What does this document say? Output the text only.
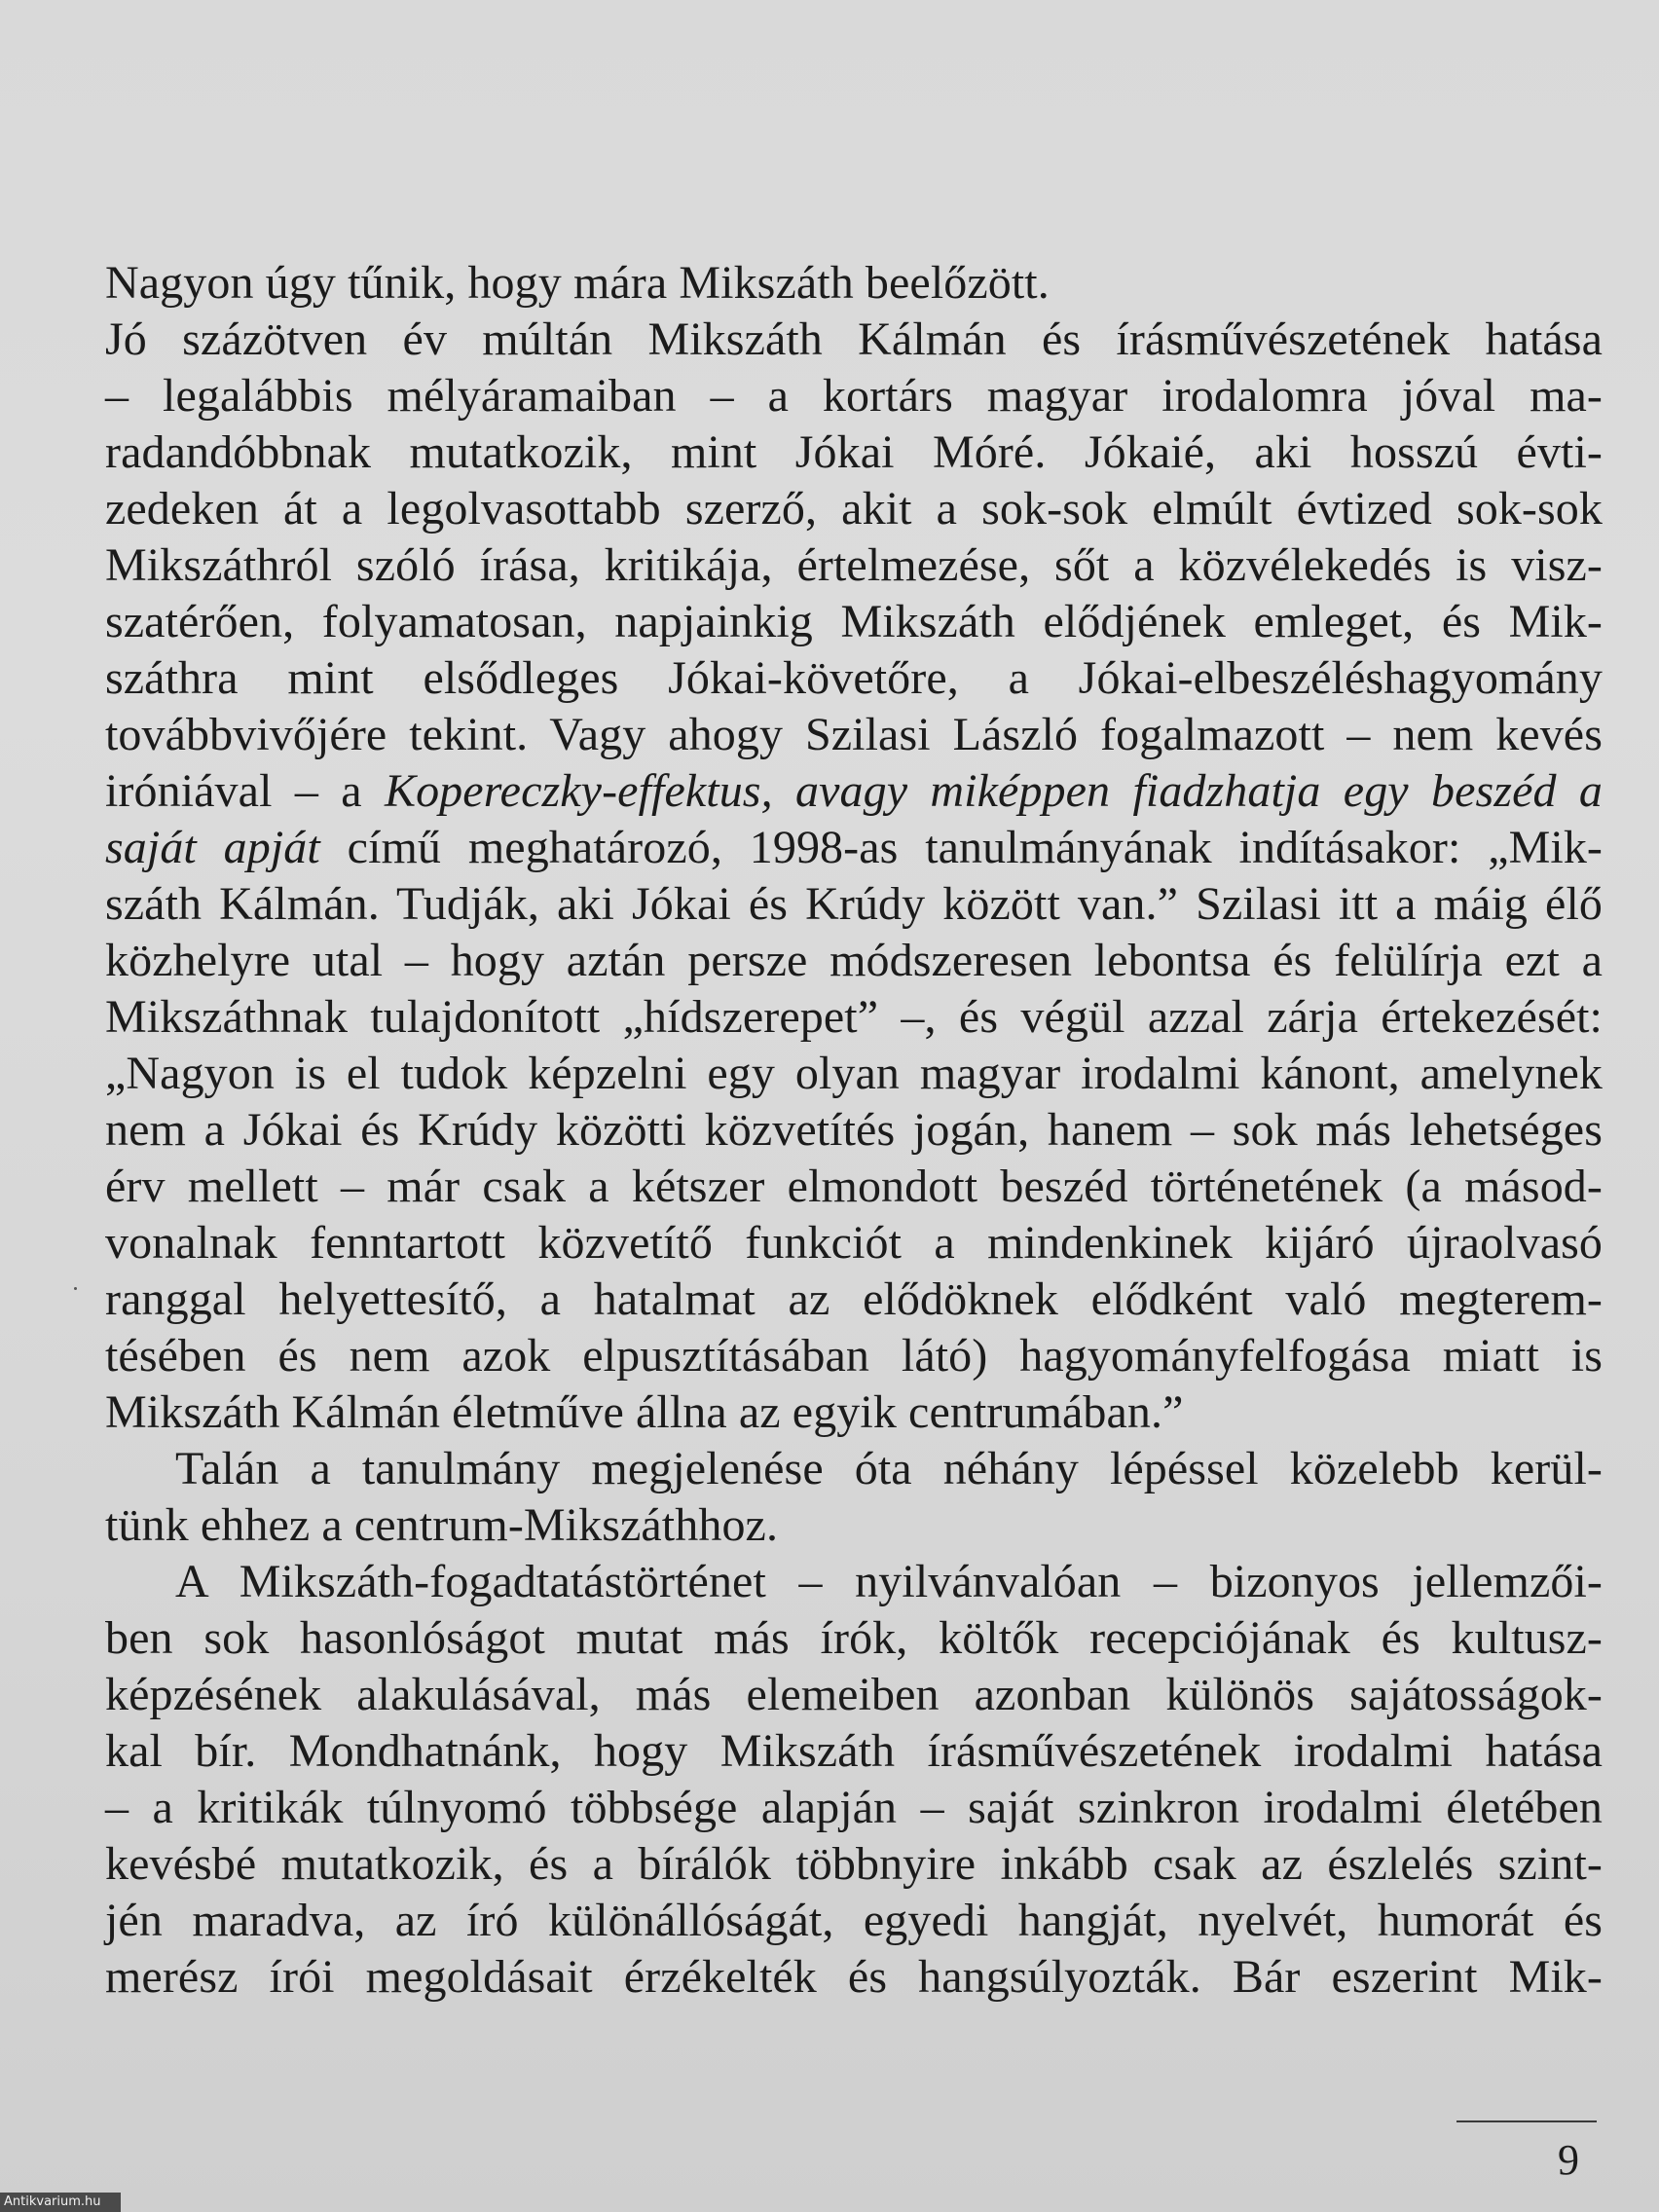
Nagyon úgy tűnik, hogy mára Mikszáth beelőzött.
Jó százötven év múltán Mikszáth Kálmán és írásművészetének hatása
– legalábbis mélyáramaiban – a kortárs magyar irodalomra jóval ma-
radandóbbnak mutatkozik, mint Jókai Móré. Jókaié, aki hosszú évti-
zedeken át a legolvasottabb szerző, akit a sok-sok elmúlt évtized sok-sok
Mikszáthról szóló írása, kritikája, értelmezése, sőt a közvélekedés is visz-
szatérően, folyamatosan, napjainkig Mikszáth elődjének emleget, és Mik-
száthra mint elsődleges Jókai-követőre, a Jókai-elbeszéléshagyomány
továbbvivőjére tekint. Vagy ahogy Szilasi László fogalmazott – nem kevés
iróniával – a Kopereczky-effektus, avagy miképpen fiadzhatja egy beszéd a
saját apját című meghatározó, 1998-as tanulmányának indításakor: „Mik-
száth Kálmán. Tudják, aki Jókai és Krúdy között van.” Szilasi itt a máig élő
közhelyre utal – hogy aztán persze módszeresen lebontsa és felülírja ezt a
Mikszáthnak tulajdonított „hídszerepet” –, és végül azzal zárja értekezését:
„Nagyon is el tudok képzelni egy olyan magyar irodalmi kánont, amelynek
nem a Jókai és Krúdy közötti közvetítés jogán, hanem – sok más lehetséges
érv mellett – már csak a kétszer elmondott beszéd történetének (a másod-
vonalnak fenntartott közvetítő funkciót a mindenkinek kijáró újraolvasó
ranggal helyettesítő, a hatalmat az elődöknek elődként való megterem-
tésében és nem azok elpusztításában látó) hagyományfelfogása miatt is
Mikszáth Kálmán életműve állna az egyik centrumában.”
Talán a tanulmány megjelenése óta néhány lépéssel közelebb kerül-
tünk ehhez a centrum-Mikszáthhoz.
A Mikszáth-fogadtatástörténet – nyilvánvalóan – bizonyos jellemzői-
ben sok hasonlóságot mutat más írók, költők recepciójának és kultusz-
képzésének alakulásával, más elemeiben azonban különös sajátosságok-
kal bír. Mondhatnánk, hogy Mikszáth írásművészetének irodalmi hatása
– a kritikák túlnyomó többsége alapján – saját szinkron irodalmi életében
kevésbé mutatkozik, és a bírálók többnyire inkább csak az észlelés szint-
jén maradva, az író különállóságát, egyedi hangját, nyelvét, humorát és
merész írói megoldásait érzékelték és hangsúlyozták. Bár eszerint Mik-
9
Antikvarium.hu
